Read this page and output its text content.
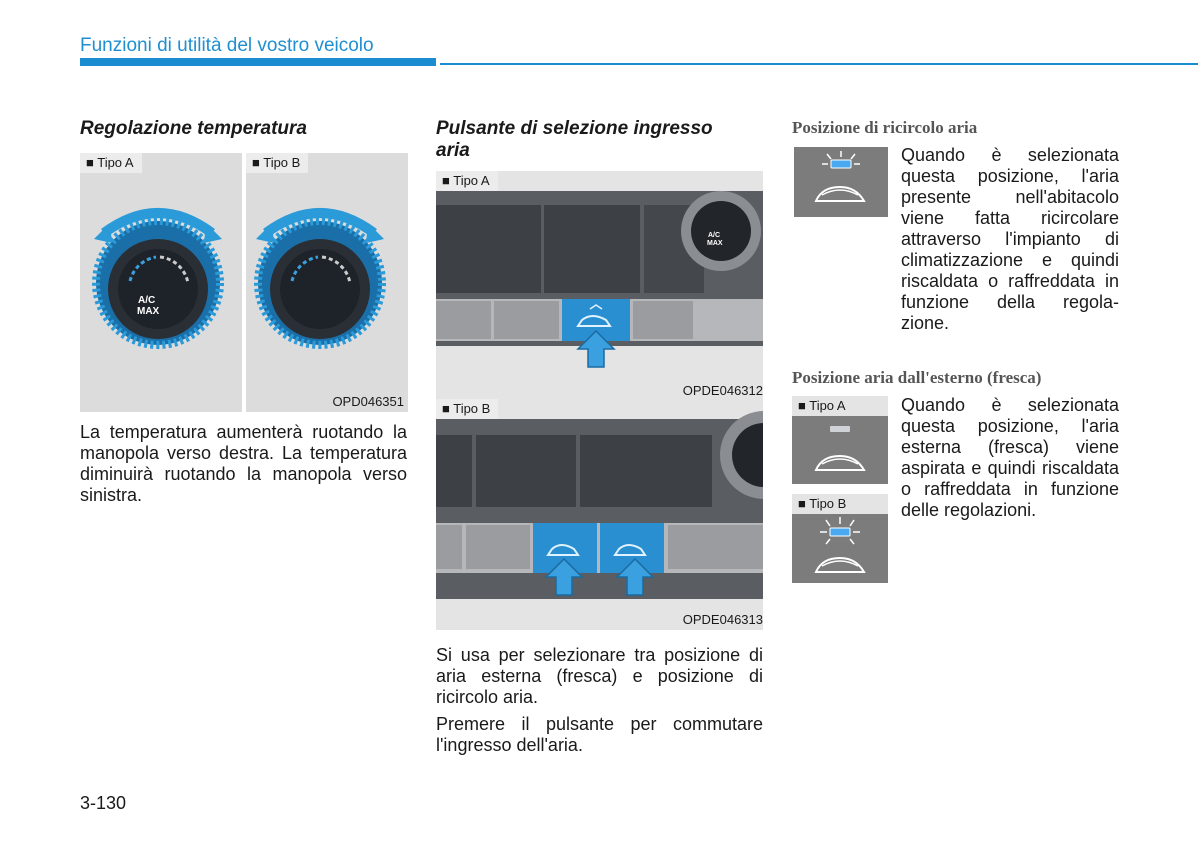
Funzioni di utilità del vostro veicolo
Regolazione temperatura
A/C
MAX
■ Tipo A	■ Tipo B
OPD046351
La temperatura aumenterà ruotando la manopola verso destra. La temperatura diminuirà ruotando la manopola verso sinistra.
Pulsante di selezione ingresso
aria
A/C
MAX
■ Tipo A
OPDE046312
■ Tipo B
OPDE046313

Si usa per selezionare tra posizione di aria esterna (fresca) e posizione di ricircolo aria.

Premere il pulsante per commutare l'ingresso dell'aria.

Posizione di ricircolo aria
Quando è selezionata questa posizione, l'aria presente nell'abitacolo viene fatta ricircolare attraverso l'impianto di climatizzazione e quindi riscaldata o raffreddata in funzione della regola-zione.
Posizione aria dall'esterno (fresca)
■ Tipo A
■ Tipo B
Quando è selezionata questa posizione, l'aria esterna (fresca) viene aspirata e quindi riscaldata o raffreddata in funzione delle regolazioni.
3-130
